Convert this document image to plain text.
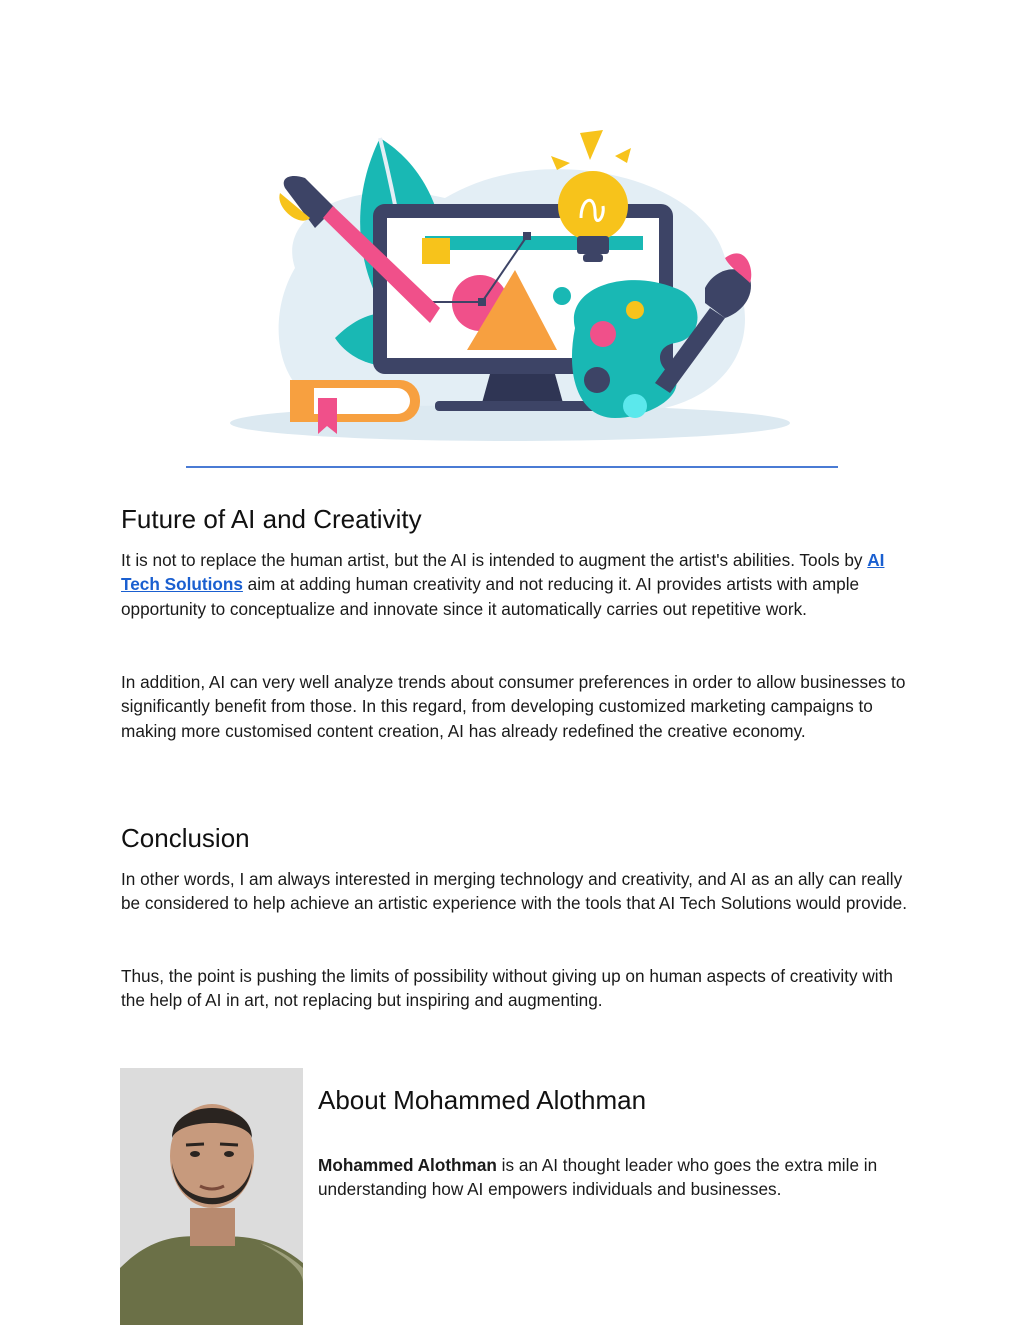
Future of AI and Creativity

It is not to replace the human artist, but the AI is intended to augment the artist's abilities. Tools by AI Tech Solutions aim at adding human creativity and not reducing it. AI provides artists with ample opportunity to conceptualize and innovate since it automatically carries out repetitive work.

In addition, AI can very well analyze trends about consumer preferences in order to allow businesses to significantly benefit from those. In this regard, from developing customized marketing campaigns to making more customised content creation, AI has already redefined the creative economy.

Conclusion

In other words, I am always interested in merging technology and creativity, and AI as an ally can really be considered to help achieve an artistic experience with the tools that AI Tech Solutions would provide.

Thus, the point is pushing the limits of possibility without giving up on human aspects of creativity with the help of AI in art, not replacing but inspiring and augmenting.

About Mohammed Alothman

Mohammed Alothman is an AI thought leader who goes the extra mile in understanding how AI empowers individuals and businesses.
